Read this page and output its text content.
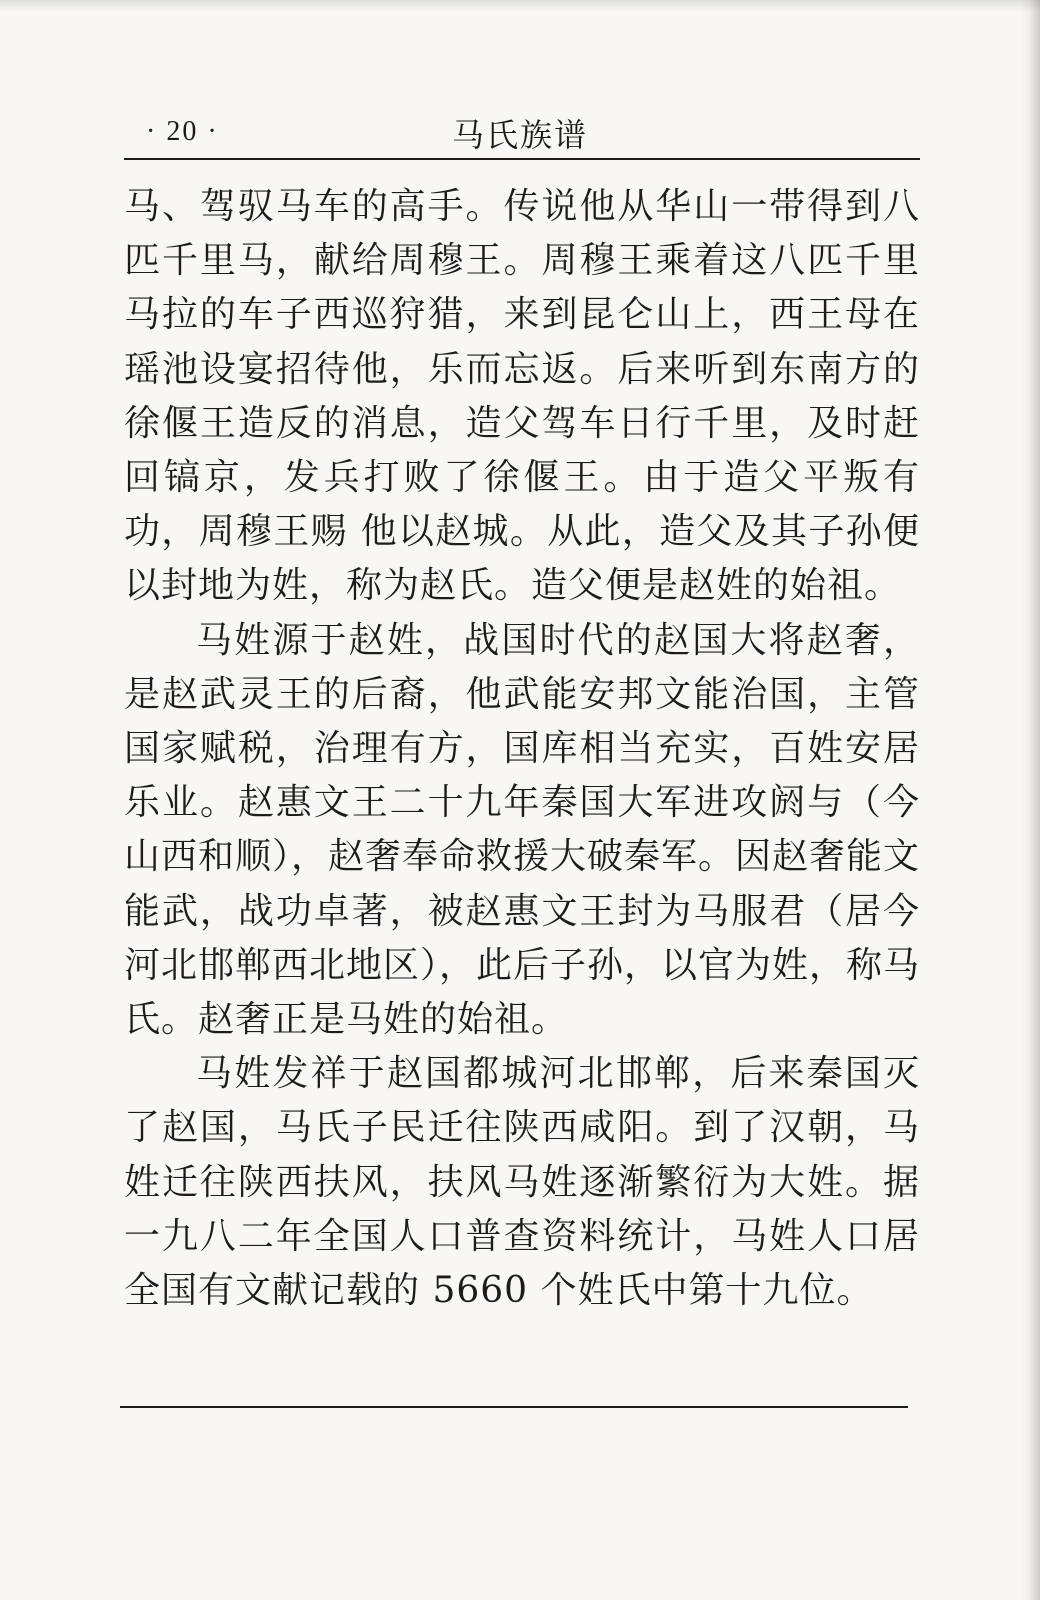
· 20 ·	马氏族谱

马、驾驭马车的高手。传说他从华山一带得到八匹千里马，献给周穆王。周穆王乘着这八匹千里马拉的车子西巡狩猎，来到昆仑山上，西王母在瑶池设宴招待他，乐而忘返。后来听到东南方的徐偃王造反的消息，造父驾车日行千里，及时赶回镐京，发兵打败了徐偃王。由于造父平叛有功，周穆王赐 他以赵城。从此，造父及其子孙便以封地为姓，称为赵氏。造父便是赵姓的始祖。

马姓源于赵姓，战国时代的赵国大将赵奢，是赵武灵王的后裔，他武能安邦文能治国，主管国家赋税，治理有方，国库相当充实，百姓安居乐业。赵惠文王二十九年秦国大军进攻阏与（今山西和顺），赵奢奉命救援大破秦军。因赵奢能文能武，战功卓著，被赵惠文王封为马服君（居今河北邯郸西北地区），此后子孙，以官为姓，称马氏。赵奢正是马姓的始祖。

马姓发祥于赵国都城河北邯郸，后来秦国灭了赵国，马氏子民迁往陕西咸阳。到了汉朝，马姓迁往陕西扶风，扶风马姓逐渐繁衍为大姓。据一九八二年全国人口普查资料统计，马姓人口居全国有文献记载的 5660 个姓氏中第十九位。
